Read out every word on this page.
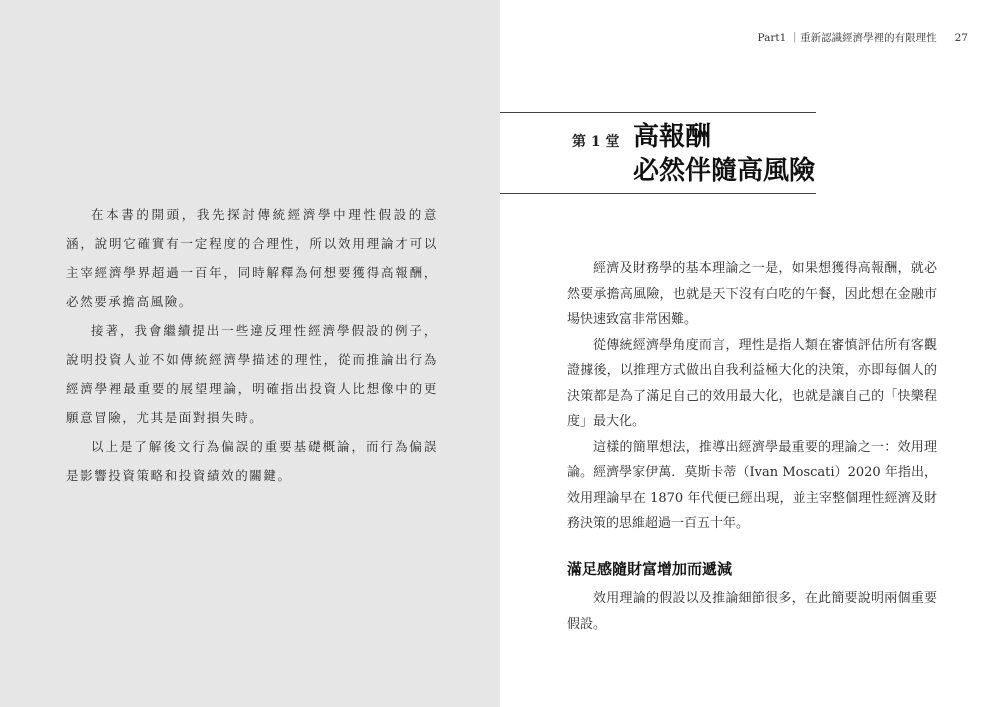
在本書的開頭，我先探討傳統經濟學中理性假設的意涵，說明它確實有一定程度的合理性，所以效用理論才可以主宰經濟學界超過一百年，同時解釋為何想要獲得高報酬，必然要承擔高風險。

接著，我會繼續提出一些違反理性經濟學假設的例子，說明投資人並不如傳統經濟學描述的理性，從而推論出行為經濟學裡最重要的展望理論，明確指出投資人比想像中的更願意冒險，尤其是面對損失時。

以上是了解後文行為偏誤的重要基礎概論，而行為偏誤是影響投資策略和投資績效的關鍵。

Part1 ｜重新認識經濟學裡的有限理性 27
第 1 堂 高報酬
必然伴隨高風險

經濟及財務學的基本理論之一是，如果想獲得高報酬，就必然要承擔高風險，也就是天下沒有白吃的午餐，因此想在金融市場快速致富非常困難。

從傳統經濟學角度而言，理性是指人類在審慎評估所有客觀證據後，以推理方式做出自我利益極大化的決策，亦即每個人的決策都是為了滿足自己的效用最大化，也就是讓自己的「快樂程度」最大化。

這樣的簡單想法，推導出經濟學最重要的理論之一：效用理論。經濟學家伊萬．莫斯卡蒂（Ivan Moscati）2020 年指出，效用理論早在 1870 年代便已經出現，並主宰整個理性經濟及財務決策的思維超過一百五十年。

滿足感隨財富增加而遞減

效用理論的假設以及推論細節很多，在此簡要說明兩個重要假設。
